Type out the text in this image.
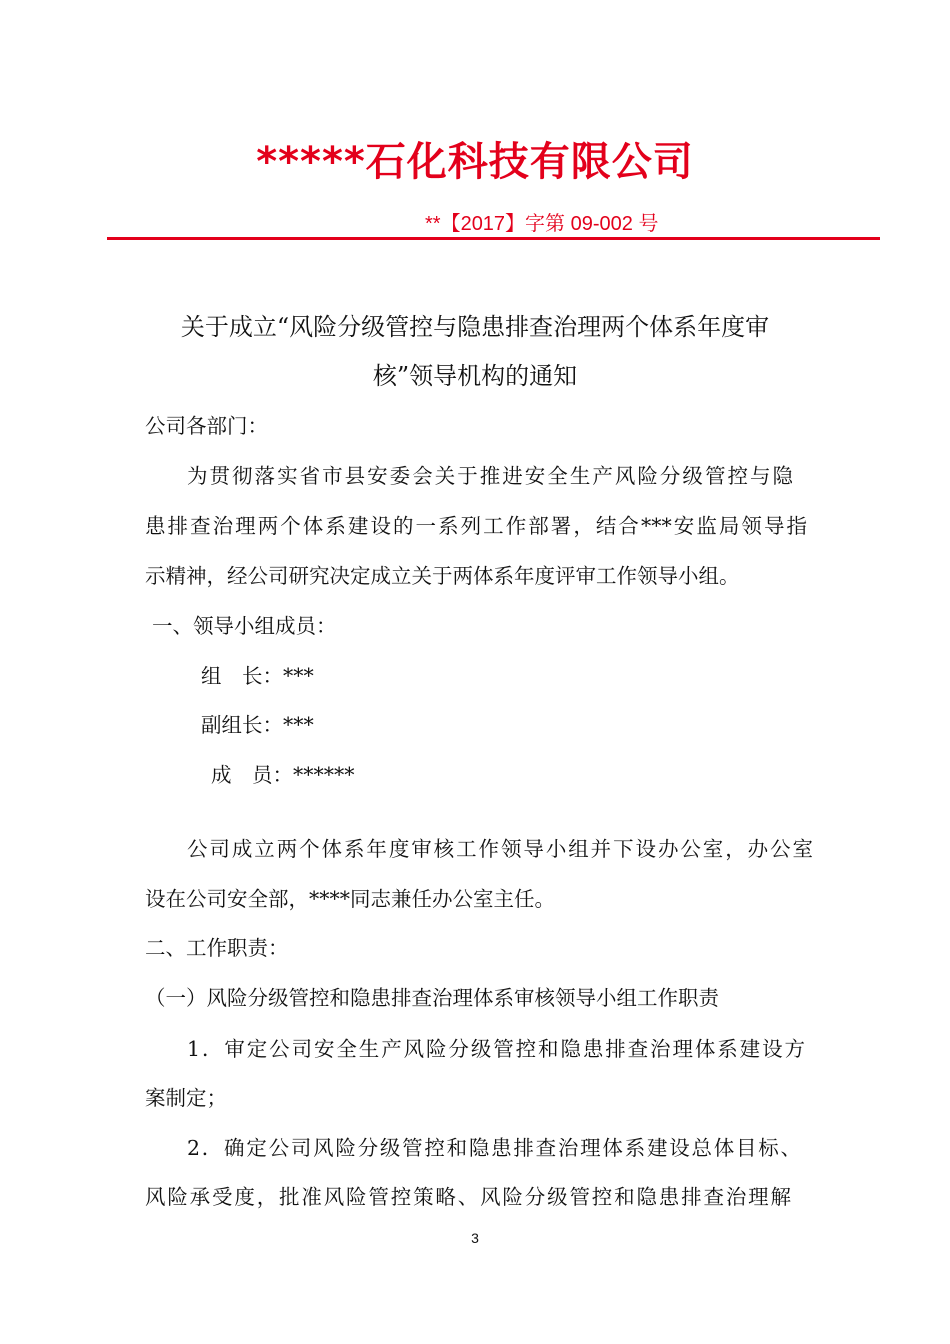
*****石化科技有限公司
**【2017】字第 09-002 号
关于成立“风险分级管控与隐患排查治理两个体系年度审
核”领导机构的通知
公司各部门：
为贯彻落实省市县安委会关于推进安全生产风险分级管控与隐
患排查治理两个体系建设的一系列工作部署，结合***安监局领导指
示精神，经公司研究决定成立关于两体系年度评审工作领导小组。
一、领导小组成员：
组　长：***
副组长：***
成　员：******
公司成立两个体系年度审核工作领导小组并下设办公室，办公室
设在公司安全部，****同志兼任办公室主任。
二、工作职责：
（一）风险分级管控和隐患排查治理体系审核领导小组工作职责
1．审定公司安全生产风险分级管控和隐患排查治理体系建设方
案制定；
2．确定公司风险分级管控和隐患排查治理体系建设总体目标、
风险承受度，批准风险管控策略、风险分级管控和隐患排查治理解
3
